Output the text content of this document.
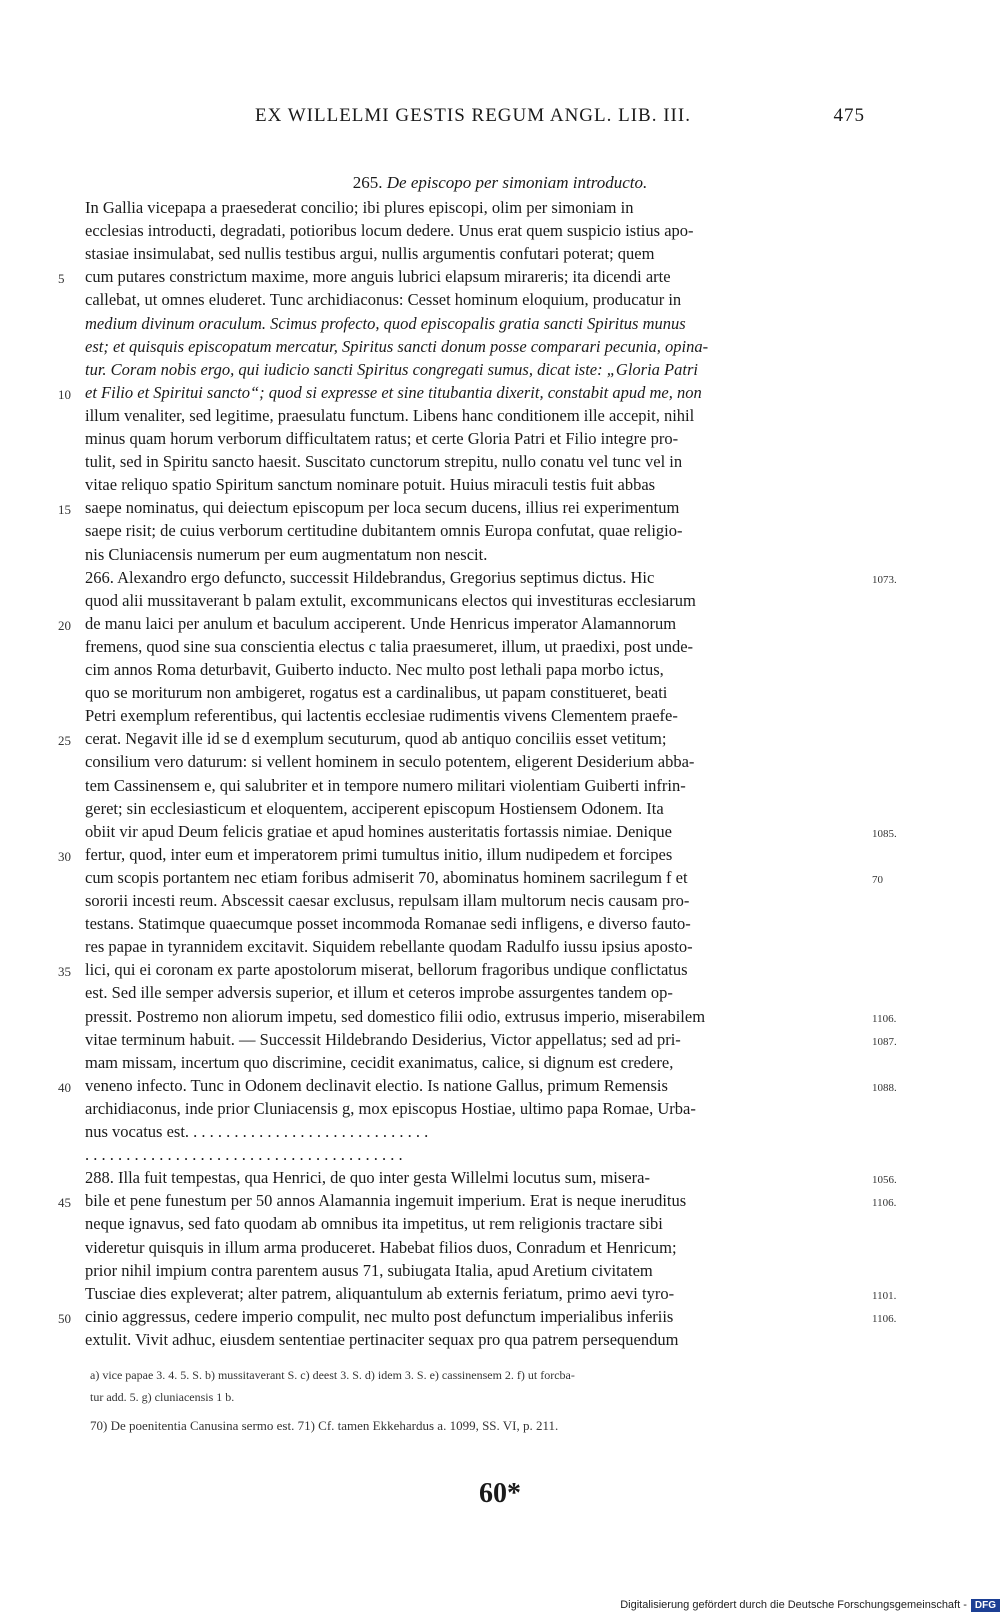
EX WILLELMI GESTIS REGUM ANGL. LIB. III.	475
265. De episcopo per simoniam introducto.
In Gallia vicepapa a praesederat concilio; ibi plures episcopi, olim per simoniam in
ecclesias introducti, degradati, potioribus locum dedere. Unus erat quem suspicio istius apo-
stasiae insimulabat, sed nullis testibus argui, nullis argumentis confutari poterat; quem
cum putares constrictum maxime, more anguis lubrici elapsum mirareris; ita dicendi arte
5
callebat, ut omnes eluderet. Tunc archidiaconus: Cesset hominum eloquium, producatur in
medium divinum oraculum. Scimus profecto, quod episcopalis gratia sancti Spiritus munus
est; et quisquis episcopatum mercatur, Spiritus sancti donum posse comparari pecunia, opina-
tur. Coram nobis ergo, qui iudicio sancti Spiritus congregati sumus, dicat iste: „Gloria Patri
et Filio et Spiritui sancto“; quod si expresse et sine titubantia dixerit, constabit apud me, non
10
illum venaliter, sed legitime, praesulatu functum. Libens hanc conditionem ille accepit, nihil
minus quam horum verborum difficultatem ratus; et certe Gloria Patri et Filio integre pro-
tulit, sed in Spiritu sancto haesit. Suscitato cunctorum strepitu, nullo conatu vel tunc vel in
vitae reliquo spatio Spiritum sanctum nominare potuit. Huius miraculi testis fuit abbas
saepe nominatus, qui deiectum episcopum per loca secum ducens, illius rei experimentum
15
saepe risit; de cuius verborum certitudine dubitantem omnis Europa confutat, quae religio-
nis Cluniacensis numerum per eum augmentatum non nescit.
266. Alexandro ergo defuncto, successit Hildebrandus, Gregorius septimus dictus. Hic	1073.
quod alii mussitaverant b palam extulit, excommunicans electos qui investituras ecclesiarum
de manu laici per anulum et baculum acciperent. Unde Henricus imperator Alamannorum
20
fremens, quod sine sua conscientia electus c talia praesumeret, illum, ut praedixi, post unde-
cim annos Roma deturbavit, Guiberto inducto. Nec multo post lethali papa morbo ictus,
quo se moriturum non ambigeret, rogatus est a cardinalibus, ut papam constitueret, beati
Petri exemplum referentibus, qui lactentis ecclesiae rudimentis vivens Clementem praefe-
cerat. Negavit ille id se d exemplum secuturum, quod ab antiquo conciliis esset vetitum;
25
consilium vero daturum: si vellent hominem in seculo potentem, eligerent Desiderium abba-
tem Cassinensem e, qui salubriter et in tempore numero militari violentiam Guiberti infrin-
geret; sin ecclesiasticum et eloquentem, acciperent episcopum Hostiensem Odonem. Ita
obiit vir apud Deum felicis gratiae et apud homines austeritatis fortassis nimiae. Denique	1085.
fertur, quod, inter eum et imperatorem primi tumultus initio, illum nudipedem et forcipes
30
cum scopis portantem nec etiam foribus admiserit 70, abominatus hominem sacrilegum f et	70
sororii incesti reum. Abscessit caesar exclusus, repulsam illam multorum necis causam pro-
testans. Statimque quaecumque posset incommoda Romanae sedi infligens, e diverso fauto-
res papae in tyrannidem excitavit. Siquidem rebellante quodam Radulfo iussu ipsius aposto-
lici, qui ei coronam ex parte apostolorum miserat, bellorum fragoribus undique conflictatus
35
est. Sed ille semper adversis superior, et illum et ceteros improbe assurgentes tandem op-
pressit. Postremo non aliorum impetu, sed domestico filii odio, extrusus imperio, miserabilem	1106.
vitae terminum habuit. — Successit Hildebrando Desiderius, Victor appellatus; sed ad pri-	1087.
mam missam, incertum quo discrimine, cecidit exanimatus, calice, si dignum est credere,
veneno infecto. Tunc in Odonem declinavit electio. Is natione Gallus, primum Remensis
40	1088.
archidiaconus, inde prior Cluniacensis g, mox episcopus Hostiae, ultimo papa Romae, Urba-
nus vocatus est. . . . . . . . . . . . . . . . . . . . . . . . . . . . . .
. . . . . . . . . . . . . . . . . . . . . . . . . . . . . . . . . . . . . . .
288. Illa fuit tempestas, qua Henrici, de quo inter gesta Willelmi locutus sum, misera-	1056.
bile et pene funestum per 50 annos Alamannia ingemuit imperium. Erat is neque ineruditus
45	1106.
neque ignavus, sed fato quodam ab omnibus ita impetitus, ut rem religionis tractare sibi
videretur quisquis in illum arma produceret. Habebat filios duos, Conradum et Henricum;
prior nihil impium contra parentem ausus 71, subiugata Italia, apud Aretium civitatem
Tusciae dies expleverat; alter patrem, aliquantulum ab externis feriatum, primo aevi tyro-	1101.
cinio aggressus, cedere imperio compulit, nec multo post defunctum imperialibus inferiis
50	1106.
extulit. Vivit adhuc, eiusdem sententiae pertinaciter sequax pro qua patrem persequendum
a) vice papae 3. 4. 5. S. b) mussitaverant S. c) deest 3. S. d) idem 3. S. e) cassinensem 2. f) ut forcba-
tur add. 5. g) cluniacensis 1 b.
70) De poenitentia Canusina sermo est. 71) Cf. tamen Ekkehardus a. 1099, SS. VI, p. 211.
60*
Digitalisierung gefördert durch die Deutsche Forschungsgemeinschaft - DFG
